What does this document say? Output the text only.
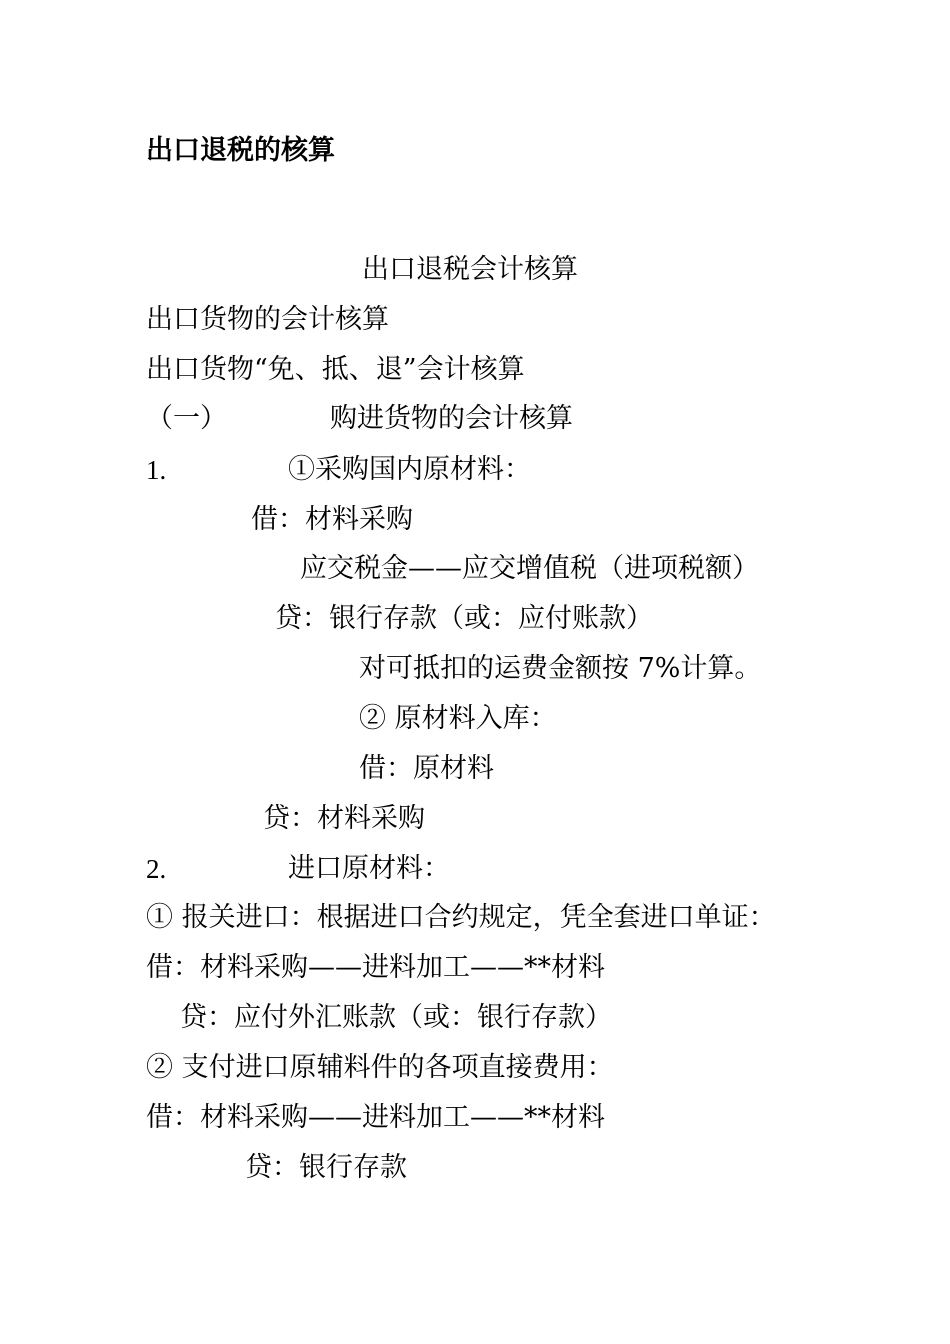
出口退税的核算
出口退税会计核算
出口货物的会计核算
出口货物“免、抵、退”会计核算
（一）	购进货物的会计核算
1.	①采购国内原材料：
借：材料采购
应交税金——应交增值税（进项税额）
贷：银行存款（或：应付账款）
对可抵扣的运费金额按 7%计算。
② 原材料入库：
借：原材料
贷：材料采购
2.	进口原材料：
① 报关进口：根据进口合约规定，凭全套进口单证：
借：材料采购——进料加工——**材料
贷：应付外汇账款（或：银行存款）
② 支付进口原辅料件的各项直接费用：
借：材料采购——进料加工——**材料
贷：银行存款
